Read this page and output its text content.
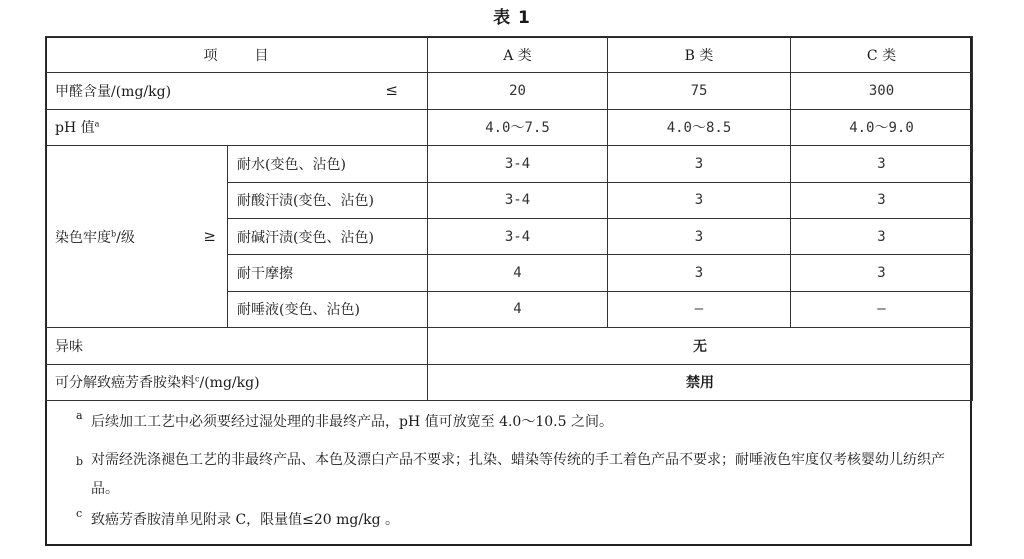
表 1
项 目		A 类	B 类	C 类
甲醛含量/(mg/kg) ≤		20	75	300
pH 值$^a$		4.0～7.5	4.0～8.5	4.0～9.0
染色牢度$^b$/级 ≥	耐水(变色、沾色)	3-4	3	3
	耐酸汗渍(变色、沾色)	3-4	3	3
	耐碱汗渍(变色、沾色)	3-4	3	3
	耐干摩擦	4	3	3
	耐唾液(变色、沾色)	4	—	—
异味		无		
可分解致癌芳香胺染料$^c$/(mg/kg)		禁用		
a 后续加工工艺中必须要经过湿处理的非最终产品，pH 值可放宽至 4.0～10.5 之间。
b 对需经洗涤褪色工艺的非最终产品、本色及漂白产品不要求；扎染、蜡染等传统的手工着色产品不要求；耐唾液色牢度仅考核婴幼儿纺织产品。
c 致癌芳香胺清单见附录 C，限量值≤20 mg/kg 。
